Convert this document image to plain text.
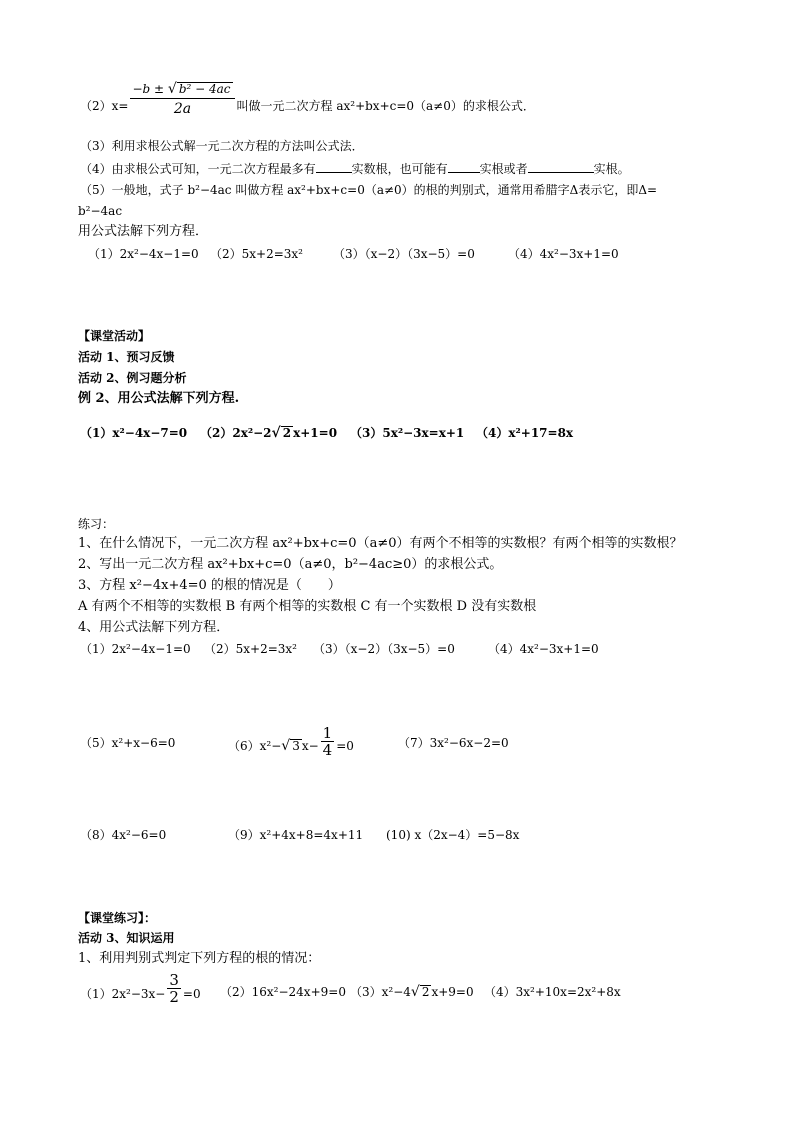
$(2)x= \frac{\text{−b ± √ b² − 4ac}}{2a}$ 叫做一元二次方程 ax²+bx+c=0（a≠0）的求根公式．
（3）利用求根公式解一元二次方程的方法叫公式法．
（4）由求根公式可知，一元二次方程最多有	实数根，也可能有	实根或者	实根。
（5）一般地，式子 b²−4ac 叫做方程 ax²+bx+c=0（a≠0）的根的判别式，通常用希腊字Δ表示它，即Δ=
b²−4ac
用公式法解下列方程．
（1）2x²−4x−1=0 （2）5x+2=3x²	（3）（x−2）（3x−5）=0	（4）4x²−3x+1=0
【课堂活动】
活动 1、预习反馈
活动 2、例习题分析
例 2、用公式法解下列方程.
（1）x²−4x−7=0 （2）2x²−2√ 2 x+1=0 （3）5x²−3x=x+1 （4）x²+17=8x
练习：
1、在什么情况下，一元二次方程 ax²+bx+c=0（a≠0）有两个不相等的实数根？有两个相等的实数根？
2、写出一元二次方程 ax²+bx+c=0（a≠0，b²−4ac≥0）的求根公式。
3、方程 x²−4x+4=0 的根的情况是（　　）
A 有两个不相等的实数根 B 有两个相等的实数根 C 有一个实数根 D 没有实数根
4、用公式法解下列方程．
（1）2x²−4x−1=0 （2）5x+2=3x² （3）（x−2）（3x−5）=0	（4）4x²−3x+1=0
（5）x²+x−6=0	（6）x²−√ 3 $x- \frac{1}{4} =0$	（7）3x²−6x−2=0
（8）4x²−6=0	（9）x²+4x+8=4x+11 (10) x（2x−4）=5−8x
【课堂练习】：
活动 3、知识运用
1、利用判别式判定下列方程的根的情况：
$(1)2x^2-3x- \frac{3}{2} =0$ （2）16x²−24x+9=0 （3）x²−4√ 2 x+9=0 （4）3x²+10x=2x²+8x
